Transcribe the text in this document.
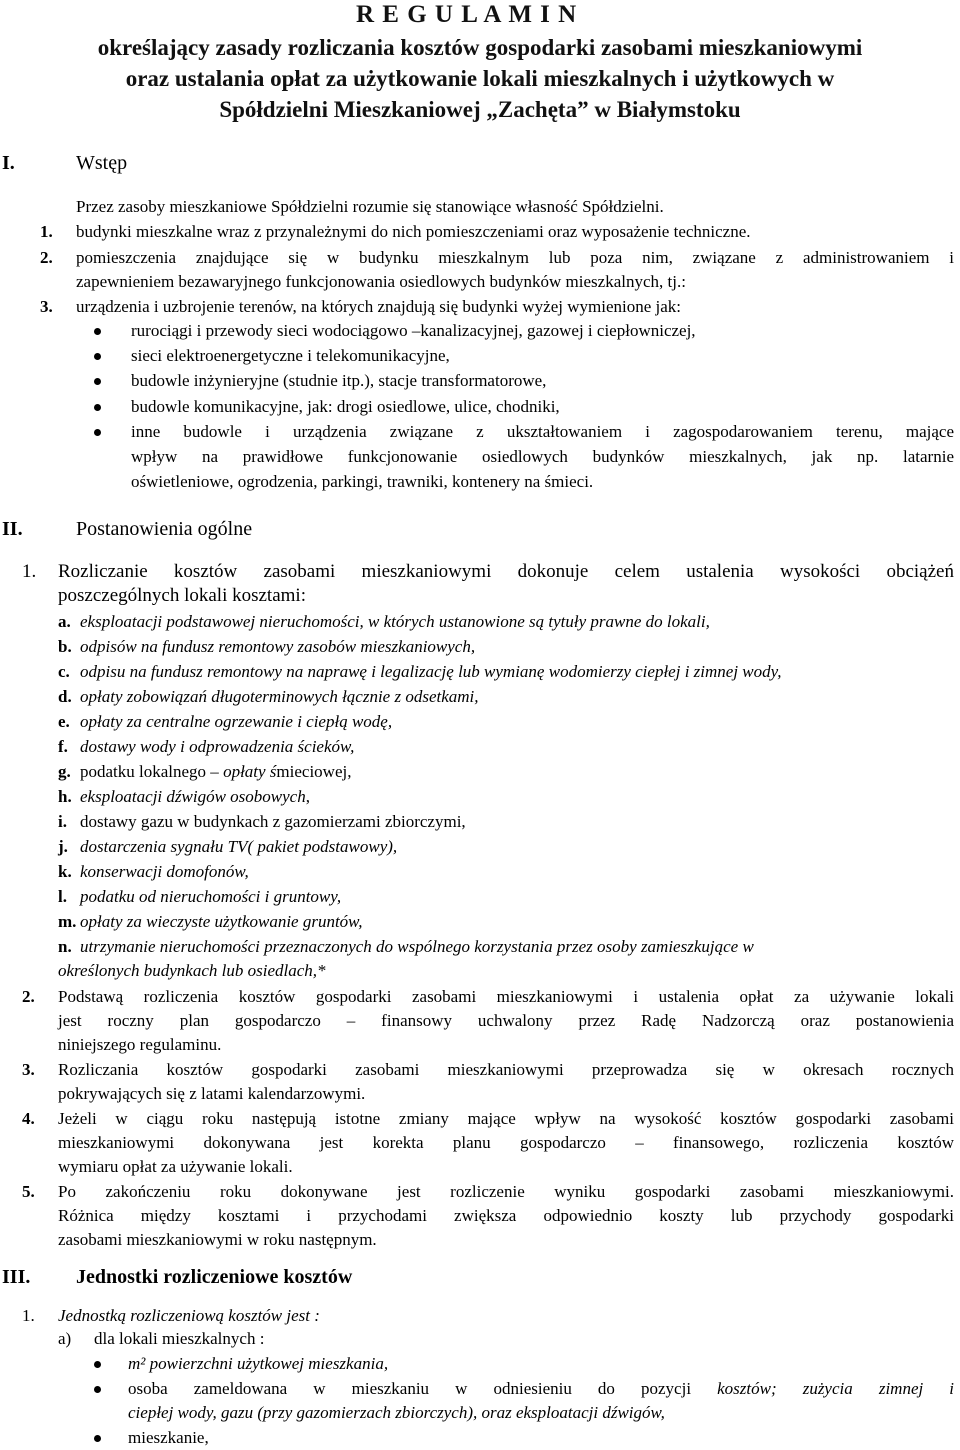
R E G U L A M I N
określający zasady rozliczania kosztów gospodarki zasobami mieszkaniowymi
oraz ustalania opłat za użytkowanie lokali mieszkalnych i użytkowych w
Spółdzielni Mieszkaniowej „Zachęta” w Białymstoku
I.	Wstęp
Przez zasoby mieszkaniowe Spółdzielni rozumie się stanowiące własność Spółdzielni.
1. budynki mieszkalne wraz z przynależnymi do nich pomieszczeniami oraz wyposażenie techniczne.
2. pomieszczenia znajdujące się w budynku mieszkalnym lub poza nim, związane z administrowaniem i
zapewnieniem bezawaryjnego funkcjonowania osiedlowych budynków mieszkalnych, tj.:
3. urządzenia i uzbrojenie terenów, na których znajdują się budynki wyżej wymienione jak:
rurociągi i przewody sieci wodociągowo –kanalizacyjnej, gazowej i ciepłowniczej,
sieci elektroenergetyczne i telekomunikacyjne,
budowle inżynieryjne (studnie itp.), stacje transformatorowe,
budowle komunikacyjne, jak: drogi osiedlowe, ulice, chodniki,
inne budowle i urządzenia związane z ukształtowaniem i zagospodarowaniem terenu, mające
wpływ na prawidłowe funkcjonowanie osiedlowych budynków mieszkalnych, jak np. latarnie
oświetleniowe, ogrodzenia, parkingi, trawniki, kontenery na śmieci.
II.	Postanowienia ogólne
1. Rozliczanie kosztów zasobami mieszkaniowymi dokonuje celem ustalenia wysokości obciążeń
poszczególnych lokali kosztami:
a. eksploatacji podstawowej nieruchomości, w których ustanowione są tytuły prawne do lokali,
b. odpisów na fundusz remontowy zasobów mieszkaniowych,
c. odpisu na fundusz remontowy na naprawę i legalizację lub wymianę wodomierzy ciepłej i zimnej wody,
d. opłaty zobowiązań długoterminowych łącznie z odsetkami,
e. opłaty za centralne ogrzewanie i ciepłą wodę,
f. dostawy wody i odprowadzenia ścieków,
g. podatku lokalnego – opłaty śmieciowej,
h. eksploatacji dźwigów osobowych,
i. dostawy gazu w budynkach z gazomierzami zbiorczymi,
j. dostarczenia sygnału TV( pakiet podstawowy),
k. konserwacji domofonów,
l. podatku od nieruchomości i gruntowy,
m. opłaty za wieczyste użytkowanie gruntów,
n. utrzymanie nieruchomości przeznaczonych do wspólnego korzystania przez osoby zamieszkujące w
określonych budynkach lub osiedlach,*
2. Podstawą rozliczenia kosztów gospodarki zasobami mieszkaniowymi i ustalenia opłat za używanie lokali
jest roczny plan gospodarczo – finansowy uchwalony przez Radę Nadzorczą oraz postanowienia
niniejszego regulaminu.
3. Rozliczania kosztów gospodarki zasobami mieszkaniowymi przeprowadza się w okresach rocznych
pokrywających się z latami kalendarzowymi.
4. Jeżeli w ciągu roku następują istotne zmiany mające wpływ na wysokość kosztów gospodarki zasobami
mieszkaniowymi dokonywana jest korekta planu gospodarczo – finansowego, rozliczenia kosztów
wymiaru opłat za używanie lokali.
5. Po zakończeniu roku dokonywane jest rozliczenie wyniku gospodarki zasobami mieszkaniowymi.
Różnica między kosztami i przychodami zwiększa odpowiednio koszty lub przychody gospodarki
zasobami mieszkaniowymi w roku następnym.
III. Jednostki rozliczeniowe kosztów
1. Jednostką rozliczeniową kosztów jest :
a) dla lokali mieszkalnych :
m² powierzchni użytkowej mieszkania,
osoba zameldowana w mieszkaniu w odniesieniu do pozycji kosztów; zużycia zimnej i
ciepłej wody, gazu (przy gazomierzach zbiorczych), oraz eksploatacji dźwigów,
mieszkanie,
